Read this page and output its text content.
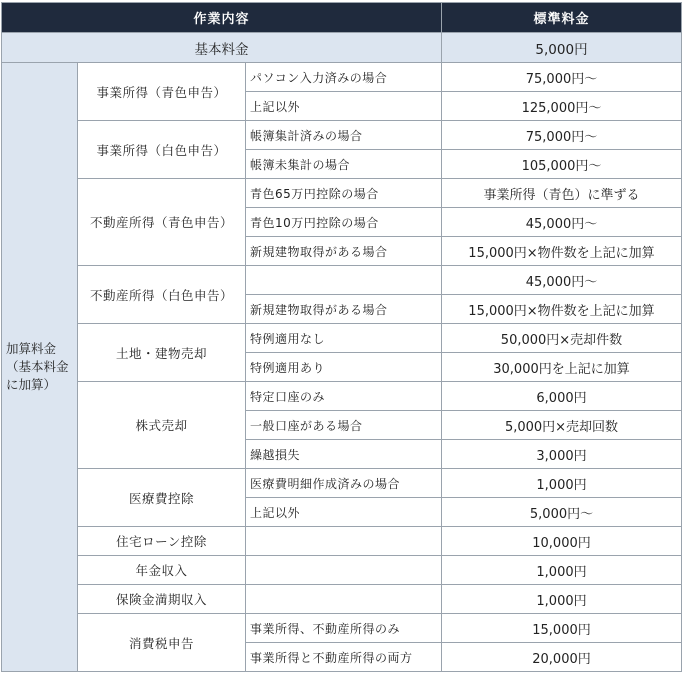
作業内容			標準料金
基本料金			5,000円

加算料金
（基本料金
に加算）	事業所得（青色申告）	パソコン入力済みの場合	75,000円～
		上記以外	125,000円～
	事業所得（白色申告）	帳簿集計済みの場合	75,000円～
		帳簿未集計の場合	105,000円～
	不動産所得（青色申告）	青色65万円控除の場合	事業所得（青色）に準ずる
		青色10万円控除の場合	45,000円～
		新規建物取得がある場合	15,000円×物件数を上記に加算
	不動産所得（白色申告）		45,000円～
		新規建物取得がある場合	15,000円×物件数を上記に加算
	土地・建物売却	特例適用なし	50,000円×売却件数
		特例適用あり	30,000円を上記に加算
	株式売却	特定口座のみ	6,000円
		一般口座がある場合	5,000円×売却回数
		繰越損失	3,000円
	医療費控除	医療費明細作成済みの場合	1,000円
		上記以外	5,000円～
	住宅ローン控除		10,000円
	年金収入		1,000円
	保険金満期収入		1,000円
	消費税申告	事業所得、不動産所得のみ	15,000円
		事業所得と不動産所得の両方	20,000円
